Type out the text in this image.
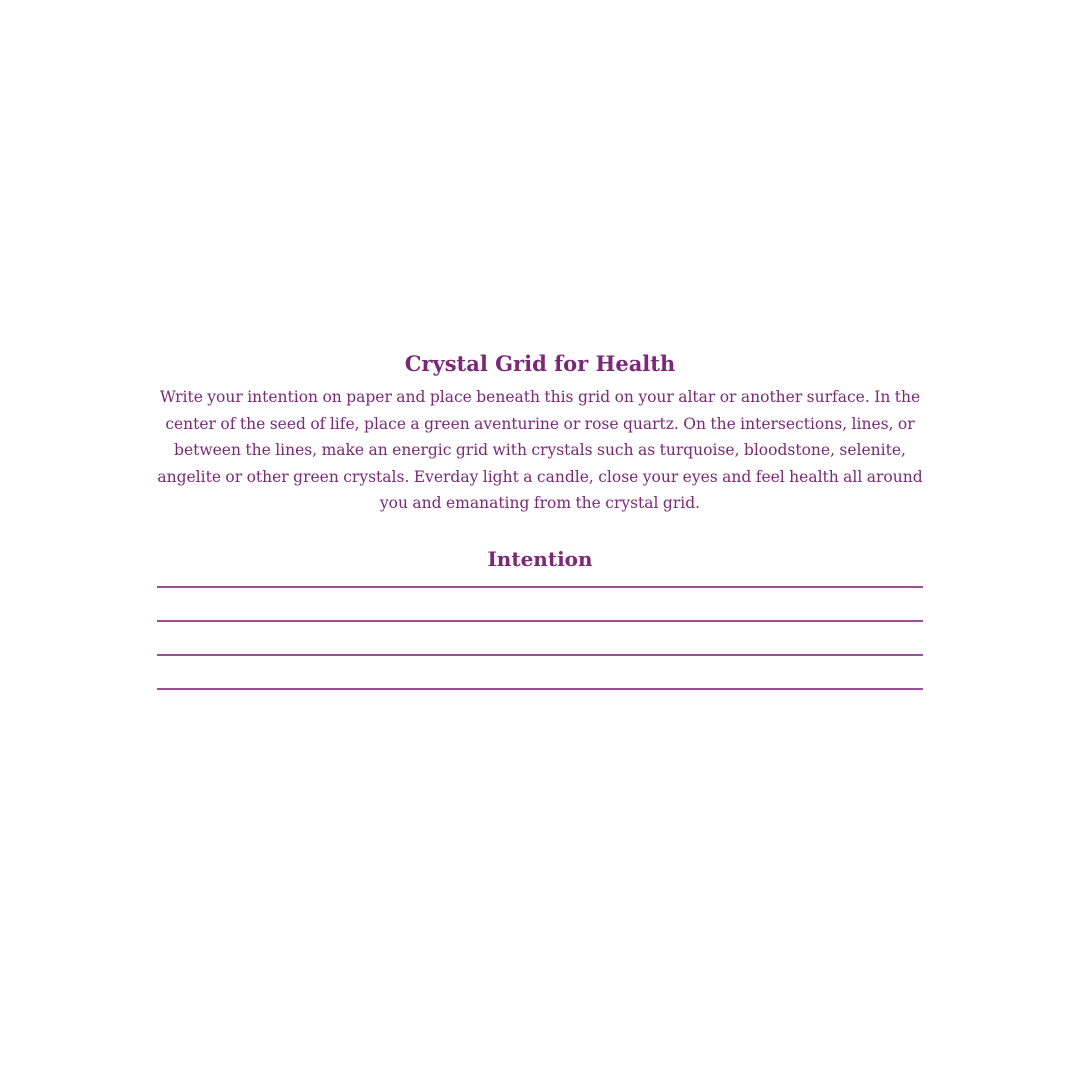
Crystal Grid for Health

Write your intention on paper and place beneath this grid on your altar or another surface. In the center of the seed of life, place a green aventurine or rose quartz. On the intersections, lines, or between the lines, make an energic grid with crystals such as turquoise, bloodstone, selenite, angelite or other green crystals. Everday light a candle, close your eyes and feel health all around you and emanating from the crystal grid.

Intention
